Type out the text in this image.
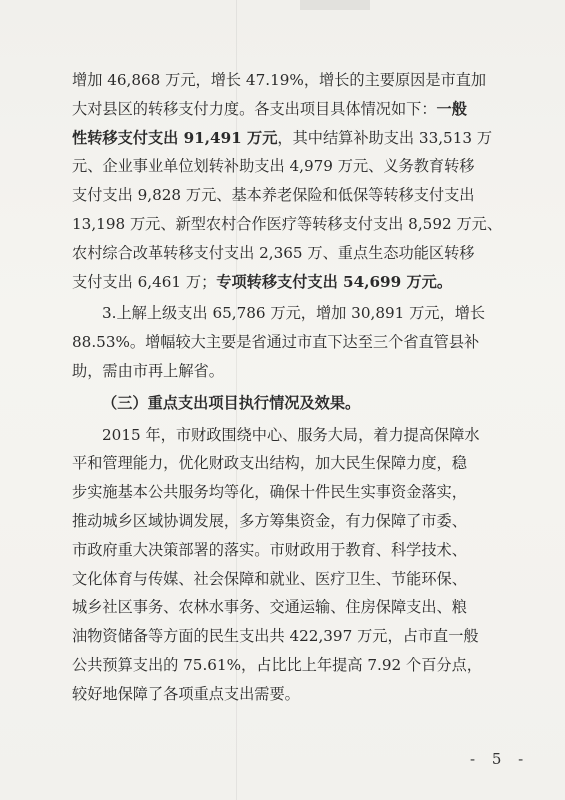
增加 46,868 万元，增长 47.19%，增长的主要原因是市直加
大对县区的转移支付力度。各支出项目具体情况如下：一般
性转移支付支出 91,491 万元，其中结算补助支出 33,513 万
元、企业事业单位划转补助支出 4,979 万元、义务教育转移
支付支出 9,828 万元、基本养老保险和低保等转移支付支出
13,198 万元、新型农村合作医疗等转移支付支出 8,592 万元、
农村综合改革转移支付支出 2,365 万、重点生态功能区转移
支付支出 6,461 万；专项转移支付支出 54,699 万元。
3.上解上级支出 65,786 万元，增加 30,891 万元，增长
88.53%。增幅较大主要是省通过市直下达至三个省直管县补
助，需由市再上解省。
（三）重点支出项目执行情况及效果。
2015 年，市财政围绕中心、服务大局，着力提高保障水
平和管理能力，优化财政支出结构，加大民生保障力度，稳
步实施基本公共服务均等化，确保十件民生实事资金落实，
推动城乡区域协调发展，多方筹集资金，有力保障了市委、
市政府重大决策部署的落实。市财政用于教育、科学技术、
文化体育与传媒、社会保障和就业、医疗卫生、节能环保、
城乡社区事务、农林水事务、交通运输、住房保障支出、粮
油物资储备等方面的民生支出共 422,397 万元，占市直一般
公共预算支出的 75.61%，占比比上年提高 7.92 个百分点，
较好地保障了各项重点支出需要。
- 5 -
